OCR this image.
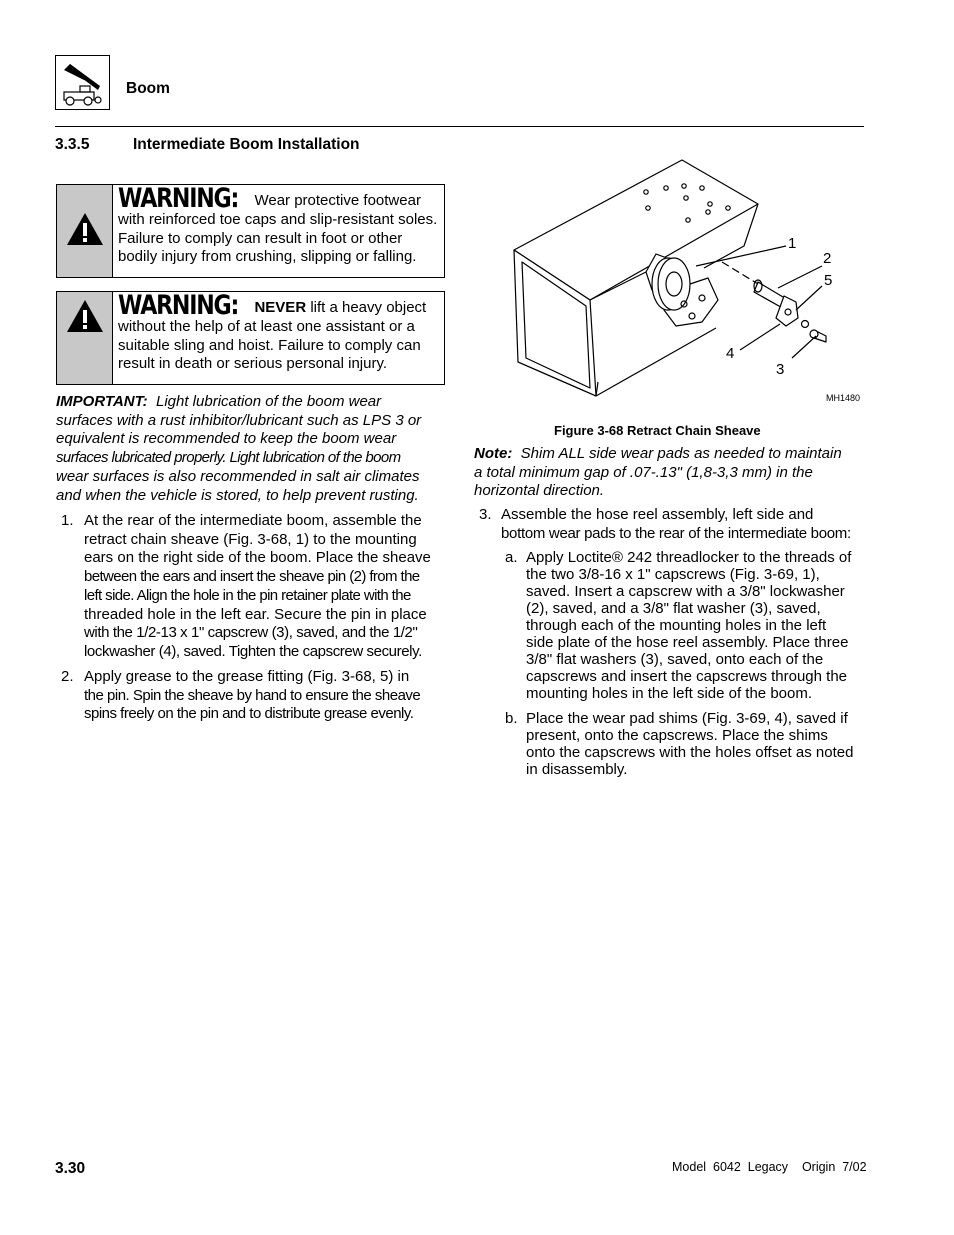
Boom
3.3.5	Intermediate Boom Installation
WARNING: Wear protective footwear
with reinforced toe caps and slip-resistant soles.
Failure to comply can result in foot or other
bodily injury from crushing, slipping or falling.
WARNING: NEVER lift a heavy object
without the help of at least one assistant or a
suitable sling and hoist. Failure to comply can
result in death or serious personal injury.
IMPORTANT:  Light lubrication of the boom wear
surfaces with a rust inhibitor/lubricant such as LPS 3 or
equivalent is recommended to keep the boom wear
surfaces lubricated properly. Light lubrication of the boom
wear surfaces is also recommended in salt air climates
and when the vehicle is stored, to help prevent rusting.
1. At the rear of the intermediate boom, assemble the
retract chain sheave (Fig. 3-68, 1) to the mounting
ears on the right side of the boom. Place the sheave
between the ears and insert the sheave pin (2) from the
left side. Align the hole in the pin retainer plate with the
threaded hole in the left ear. Secure the pin in place
with the 1/2-13 x 1" capscrew (3), saved, and the 1/2"
lockwasher (4), saved. Tighten the capscrew securely.
2. Apply grease to the grease fitting (Fig. 3-68, 5) in
the pin. Spin the sheave by hand to ensure the sheave
spins freely on the pin and to distribute grease evenly.
1
2
5
4
3
MH1480
Figure 3-68 Retract Chain Sheave
Note:  Shim ALL side wear pads as needed to maintain
a total minimum gap of .07-.13" (1,8-3,3 mm) in the
horizontal direction.
3. Assemble the hose reel assembly, left side and
bottom wear pads to the rear of the intermediate boom:
a. Apply Loctite® 242 threadlocker to the threads of
the two 3/8-16 x 1" capscrews (Fig. 3-69, 1),
saved. Insert a capscrew with a 3/8" lockwasher
(2), saved, and a 3/8" flat washer (3), saved,
through each of the mounting holes in the left
side plate of the hose reel assembly. Place three
3/8" flat washers (3), saved, onto each of the
capscrews and insert the capscrews through the
mounting holes in the left side of the boom.
b. Place the wear pad shims (Fig. 3-69, 4), saved if
present, onto the capscrews. Place the shims
onto the capscrews with the holes offset as noted
in disassembly.
3.30	Model  6042  Legacy    Origin  7/02
